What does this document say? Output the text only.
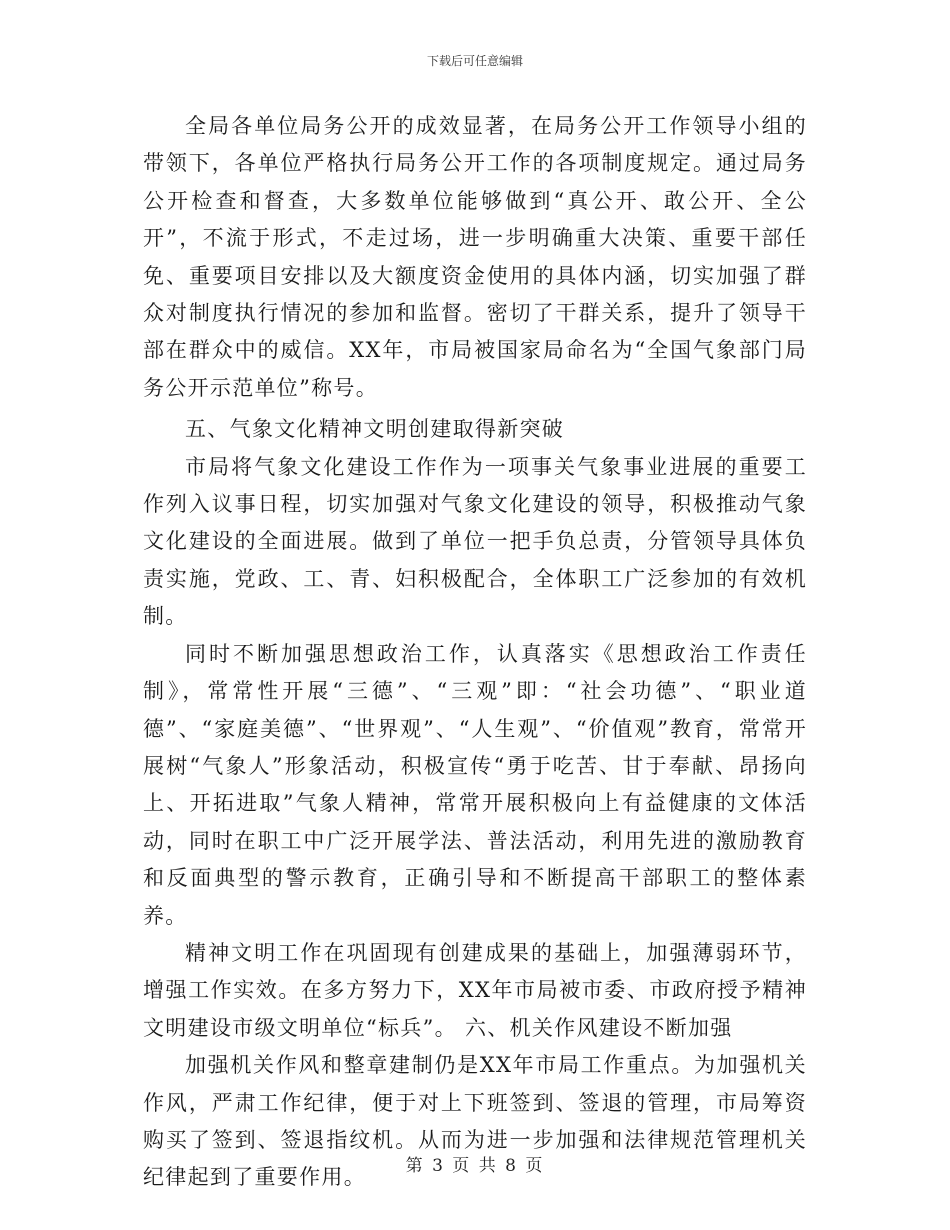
下载后可任意编辑

全局各单位局务公开的成效显著，在局务公开工作领导小组的带领下，各单位严格执行局务公开工作的各项制度规定。通过局务公开检查和督查，大多数单位能够做到“真公开、敢公开、全公开”，不流于形式，不走过场，进一步明确重大决策、重要干部任免、重要项目安排以及大额度资金使用的具体内涵，切实加强了群众对制度执行情况的参加和监督。密切了干群关系，提升了领导干部在群众中的威信。XX年，市局被国家局命名为“全国气象部门局务公开示范单位”称号。

五、气象文化精神文明创建取得新突破

市局将气象文化建设工作作为一项事关气象事业进展的重要工作列入议事日程，切实加强对气象文化建设的领导，积极推动气象文化建设的全面进展。做到了单位一把手负总责，分管领导具体负责实施，党政、工、青、妇积极配合，全体职工广泛参加的有效机制。

同时不断加强思想政治工作，认真落实《思想政治工作责任制》，常常性开展“三德”、“三观”即：“社会功德”、“职业道德”、“家庭美德”、“世界观”、“人生观”、“价值观”教育，常常开展树“气象人”形象活动，积极宣传“勇于吃苦、甘于奉献、昂扬向上、开拓进取”气象人精神，常常开展积极向上有益健康的文体活动，同时在职工中广泛开展学法、普法活动，利用先进的激励教育和反面典型的警示教育，正确引导和不断提高干部职工的整体素养。

精神文明工作在巩固现有创建成果的基础上，加强薄弱环节，增强工作实效。在多方努力下，XX年市局被市委、市政府授予精神文明建设市级文明单位“标兵”。 六、机关作风建设不断加强

加强机关作风和整章建制仍是XX年市局工作重点。为加强机关作风，严肃工作纪律，便于对上下班签到、签退的管理，市局筹资购买了签到、签退指纹机。从而为进一步加强和法律规范管理机关纪律起到了重要作用。	第 3 页 共 8 页
